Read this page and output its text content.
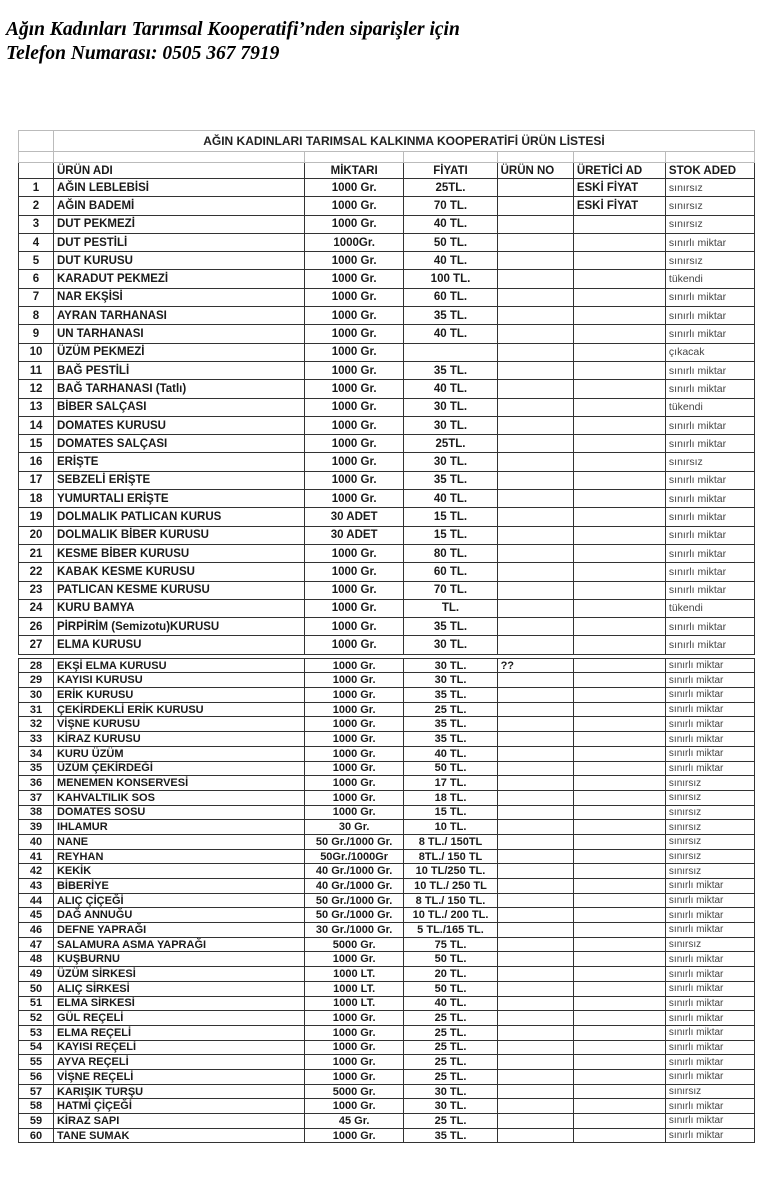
Ağın Kadınları Tarımsal Kooperatifi’nden siparişler için
Telefon Numarası: 0505 367 7919
	AĞIN KADINLARI TARIMSAL KALKINMA KOOPERATİFİ ÜRÜN LİSTESİ					

	ÜRÜN ADI	MİKTARI	FİYATI	ÜRÜN NO	ÜRETİCİ AD	STOK ADED
1	AĞIN LEBLEBİSİ	1000 Gr.	25TL.		ESKİ FİYAT	sınırsız
2	AĞIN BADEMİ	1000 Gr.	70 TL.		ESKİ FİYAT	sınırsız
3	DUT PEKMEZİ	1000 Gr.	40 TL.			sınırsız
4	DUT PESTİLİ	1000Gr.	50 TL.			sınırlı miktar
5	DUT KURUSU	1000 Gr.	40 TL.			sınırsız
6	KARADUT PEKMEZİ	1000 Gr.	100 TL.			tükendi
7	NAR EKŞİSİ	1000 Gr.	60 TL.			sınırlı miktar
8	AYRAN TARHANASI	1000 Gr.	35 TL.			sınırlı miktar
9	UN TARHANASI	1000 Gr.	40 TL.			sınırlı miktar
10	ÜZÜM PEKMEZİ	1000 Gr.				çıkacak
11	BAĞ PESTİLİ	1000 Gr.	35 TL.			sınırlı miktar
12	BAĞ TARHANASI (Tatlı)	1000 Gr.	40 TL.			sınırlı miktar
13	BİBER SALÇASI	1000 Gr.	30 TL.			tükendi
14	DOMATES KURUSU	1000 Gr.	30 TL.			sınırlı miktar
15	DOMATES SALÇASI	1000 Gr.	25TL.			sınırlı miktar
16	ERİŞTE	1000 Gr.	30 TL.			sınırsız
17	SEBZELİ ERİŞTE	1000 Gr.	35 TL.			sınırlı miktar
18	YUMURTALI ERİŞTE	1000 Gr.	40 TL.			sınırlı miktar
19	DOLMALIK PATLICAN KURUS	30 ADET	15 TL.			sınırlı miktar
20	DOLMALIK BİBER KURUSU	30 ADET	15 TL.			sınırlı miktar
21	KESME BİBER KURUSU	1000 Gr.	80 TL.			sınırlı miktar
22	KABAK KESME KURUSU	1000 Gr.	60 TL.			sınırlı miktar
23	PATLICAN KESME KURUSU	1000 Gr.	70 TL.			sınırlı miktar
24	KURU BAMYA	1000 Gr.	TL.			tükendi
26	PİRPİRİM (Semizotu)KURUSU	1000 Gr.	35 TL.			sınırlı miktar
27	ELMA KURUSU	1000 Gr.	30 TL.			sınırlı miktar

28	EKŞİ ELMA KURUSU	1000 Gr.	30 TL.	??		sınırlı miktar
29	KAYISI KURUSU	1000 Gr.	30 TL.			sınırlı miktar
30	ERİK KURUSU	1000 Gr.	35 TL.			sınırlı miktar
31	ÇEKİRDEKLİ ERİK KURUSU	1000 Gr.	25 TL.			sınırlı miktar
32	VİŞNE KURUSU	1000 Gr.	35 TL.			sınırlı miktar
33	KİRAZ KURUSU	1000 Gr.	35 TL.			sınırlı miktar
34	KURU ÜZÜM	1000 Gr.	40 TL.			sınırlı miktar
35	ÜZÜM ÇEKİRDEĞİ	1000 Gr.	50 TL.			sınırlı miktar
36	MENEMEN KONSERVESİ	1000 Gr.	17 TL.			sınırsız
37	KAHVALTILIK SOS	1000 Gr.	18 TL.			sınırsız
38	DOMATES SOSU	1000 Gr.	15 TL.			sınırsız
39	IHLAMUR	30 Gr.	10 TL.			sınırsız
40	NANE	50 Gr./1000 Gr.	8 TL./ 150TL			sınırsız
41	REYHAN	50Gr./1000Gr	8TL./ 150 TL			sınırsız
42	KEKİK	40 Gr./1000 Gr.	10 TL/250 TL.			sınırsız
43	BİBERİYE	40 Gr./1000 Gr.	10 TL./ 250 TL			sınırlı miktar
44	ALIÇ ÇİÇEĞİ	50 Gr./1000 Gr.	8 TL./ 150 TL.			sınırlı miktar
45	DAĞ ANNUĞU	50 Gr./1000 Gr.	10 TL./ 200 TL.			sınırlı miktar
46	DEFNE YAPRAĞI	30 Gr./1000 Gr.	5 TL./165 TL.			sınırlı miktar
47	SALAMURA ASMA YAPRAĞI	5000 Gr.	75 TL.			sınırsız
48	KUŞBURNU	1000 Gr.	50 TL.			sınırlı miktar
49	ÜZÜM SİRKESİ	1000 LT.	20 TL.			sınırlı miktar
50	ALIÇ SİRKESİ	1000 LT.	50 TL.			sınırlı miktar
51	ELMA SİRKESİ	1000 LT.	40 TL.			sınırlı miktar
52	GÜL REÇELİ	1000 Gr.	25 TL.			sınırlı miktar
53	ELMA REÇELİ	1000 Gr.	25 TL.			sınırlı miktar
54	KAYISI REÇELİ	1000 Gr.	25 TL.			sınırlı miktar
55	AYVA REÇELİ	1000 Gr.	25 TL.			sınırlı miktar
56	VİŞNE REÇELİ	1000 Gr.	25 TL.			sınırlı miktar
57	KARIŞIK TURŞU	5000 Gr.	30 TL.			sınırsız
58	HATMİ ÇİÇEĞİ	1000 Gr.	30 TL.			sınırlı miktar
59	KİRAZ SAPI	45 Gr.	25 TL.			sınırlı miktar
60	TANE SUMAK	1000 Gr.	35 TL.			sınırlı miktar
